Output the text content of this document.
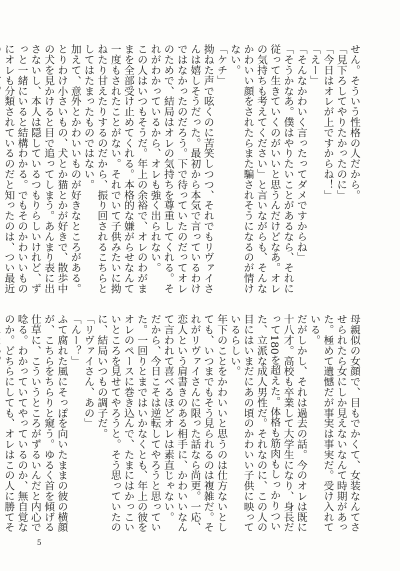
せん。そういう性格の人だから。

「見下ろしてやりたかったのに」

「今日はオレが上ですからね！」

「えー」

「そんなかわいく言ったってダメですからね」

「そうかなあ。僕はやりたいことがあるなら、それに従って生きていくのがいいと思うんだけどなあ。オレの気持ちも考えてください」と言いながらも、そんなかわいい顔をされたらまた騙されそうになるのが情けない。

「ケチ」

拗ねた声で呟くのに苦笑しつつ、それでもリヴァイさんは嬉しそうだった。最初から本気で言っているわけではなかったのだろう。下で待っていたのだってオレのためで、結局はオレの気持ちを尊重してくれる。それがわかっているから、オレも強く出られない。

この人はいつもそうだ。年上の余裕で、オレのわがままを全部受け止めてくれる。本格的な嫌がらせなんて一度もされたことがない。それでいて子供みたいに拗ねたり甘えたりするのだから、振り回されるこちらとしてはたまったものではない。

加えて、意外とかわいいものが好きなところがある。とりわけ小さいもの、犬とか猫とかが好きで、散歩中の犬を見かけると目で追ってしまう。あんまり表に出さないし、本人は隠しているつもりらしいけれど、ずっと一緒にいると結構わかる。でもそのかわいいものにオレも分類されているのだと知ったのは、つい最近

母親似の女顔で、目もでかくて、女装なんてさせられたら女にしか見えないなんて時期があった。極めて遺憾だが事実は事実だ。受け入れている。

だがしかし、それは過去の話。今のオレは既に十八才。高校も卒業して大学生になり、身長だって180を超えた。体格も筋肉もしっかりついた、立派な成人男性だ。それなのに、この人の目にはいまだにあの頃のかわいい子供に映っているらしい。

年下のことをかわいいと思うのは仕方ないとしても、いつまでもそう見られるのは複雑だ。それがリヴァイさんに限った話なら尚更。一応、恋人という肩書きのある相手に、かわいいなんて言われて喜べるほどオレは素直じゃない。

だから、今日こそは逆転してやろうと思っていた。一回りとまではいかなくとも、年上の彼をオレのペースに巻き込んで、たまにはかっこいいところを見せてやろうと。そう思っていたのに、結局いつもの調子だ。

「リヴァイさん、あの」

「んー？」

ふて腐れた風にそっぽを向いたままの彼の横顔が、こちらをちらりと窺う。ゆるく首を傾げる仕草に、こういうところがずるいんだと内心で唸る。わかっていてやっているのか、無自覚なのか。どちらにしても、オレはこの人に勝てそ

5
